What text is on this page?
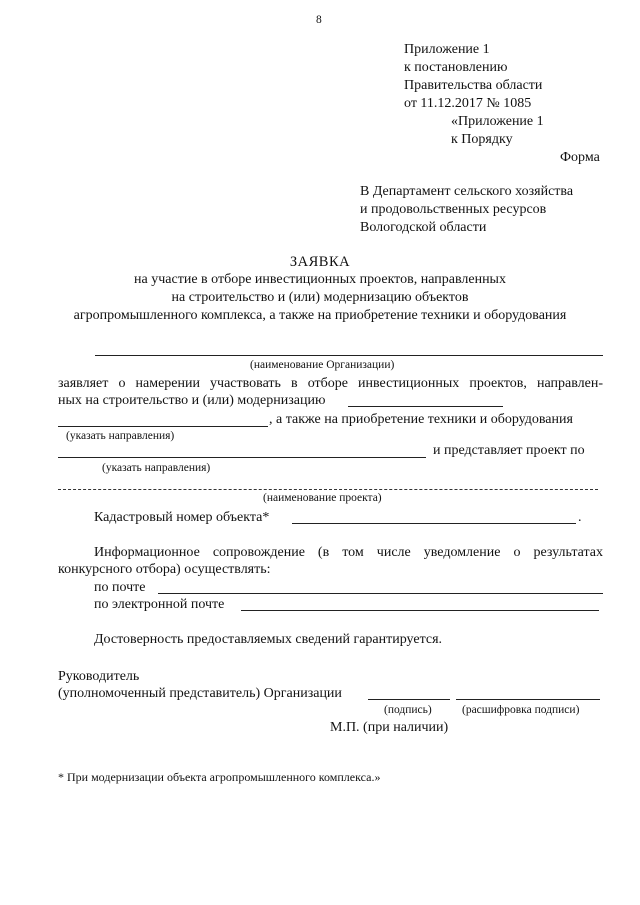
8
Приложение 1
к постановлению
Правительства области
от 11.12.2017 № 1085
«Приложение 1
к Порядку
Форма
В Департамент сельского хозяйства
и продовольственных ресурсов
Вологодской области
ЗАЯВКА
на участие в отборе инвестиционных проектов, направленных
на строительство и (или) модернизацию объектов
агропромышленного комплекса, а также на приобретение техники и оборудования
(наименование Организации)
заявляет о намерении участвовать в отборе инвестиционных проектов, направлен-
ных на строительство и (или) модернизацию
, а также на приобретение техники и оборудования
(указать направления)
и представляет проект по
(указать направления)
(наименование проекта)
Кадастровый номер объекта*	.
Информационное сопровождение (в том числе уведомление о результатах
конкурсного отбора) осуществлять:
по почте
по электронной почте
Достоверность предоставляемых сведений гарантируется.
Руководитель
(уполномоченный представитель) Организации
(подпись)	(расшифровка подписи)
М.П. (при наличии)
* При модернизации объекта агропромышленного комплекса.»
